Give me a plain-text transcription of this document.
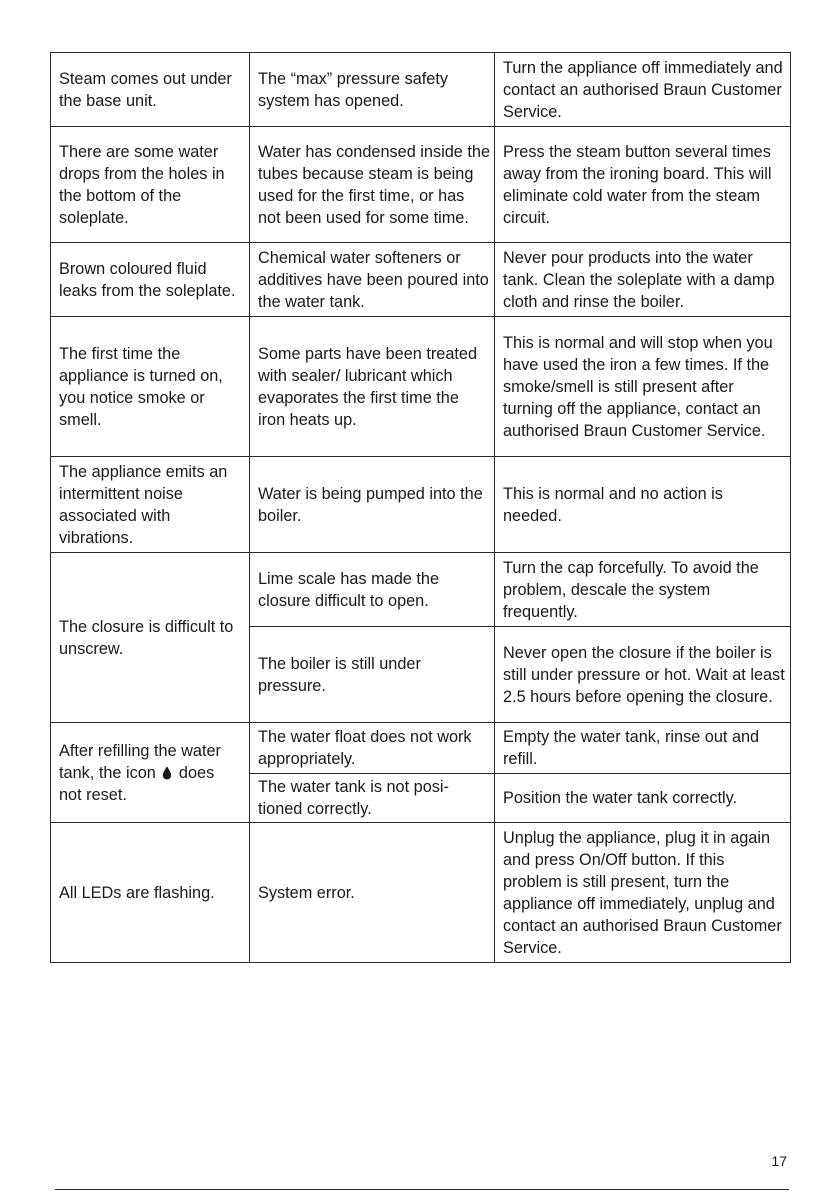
Steam comes out under the base unit.	The “max” pressure safety system has opened.	Turn the appliance off immediately and contact an authorised Braun Customer Service.
There are some water drops from the holes in the bottom of the soleplate.	Water has condensed inside the tubes because steam is being used for the first time, or has not been used for some time.	Press the steam button several times away from the ironing board. This will eliminate cold water from the steam circuit.
Brown coloured fluid leaks from the soleplate.	Chemical water softeners or additives have been poured into the water tank.	Never pour products into the water tank. Clean the soleplate with a damp cloth and rinse the boiler.
The first time the appliance is turned on, you notice smoke or smell.	Some parts have been treated with sealer/ lubricant which evaporates the first time the iron heats up.	This is normal and will stop when you have used the iron a few times. If the smoke/smell is still present after turning off the appliance, contact an authorised Braun Customer Service.
The appliance emits an intermittent noise associated with vibrations.	Water is being pumped into the boiler.	This is normal and no action is needed.
The closure is difficult to unscrew.	Lime scale has made the closure difficult to open.	Turn the cap forcefully. To avoid the problem, descale the system frequently.
	The boiler is still under pressure.	Never open the closure if the boiler is still under pressure or hot. Wait at least 2.5 hours before opening the closure.
After refilling the water tank, the icon does not reset.	The water float does not work appropriately.	Empty the water tank, rinse out and refill.
	The water tank is not posi-tioned correctly.	Position the water tank correctly.
All LEDs are flashing.	System error.	Unplug the appliance, plug it in again and press On/Off button. If this problem is still present, turn the appliance off immediately, unplug and contact an authorised Braun Customer Service.
17
